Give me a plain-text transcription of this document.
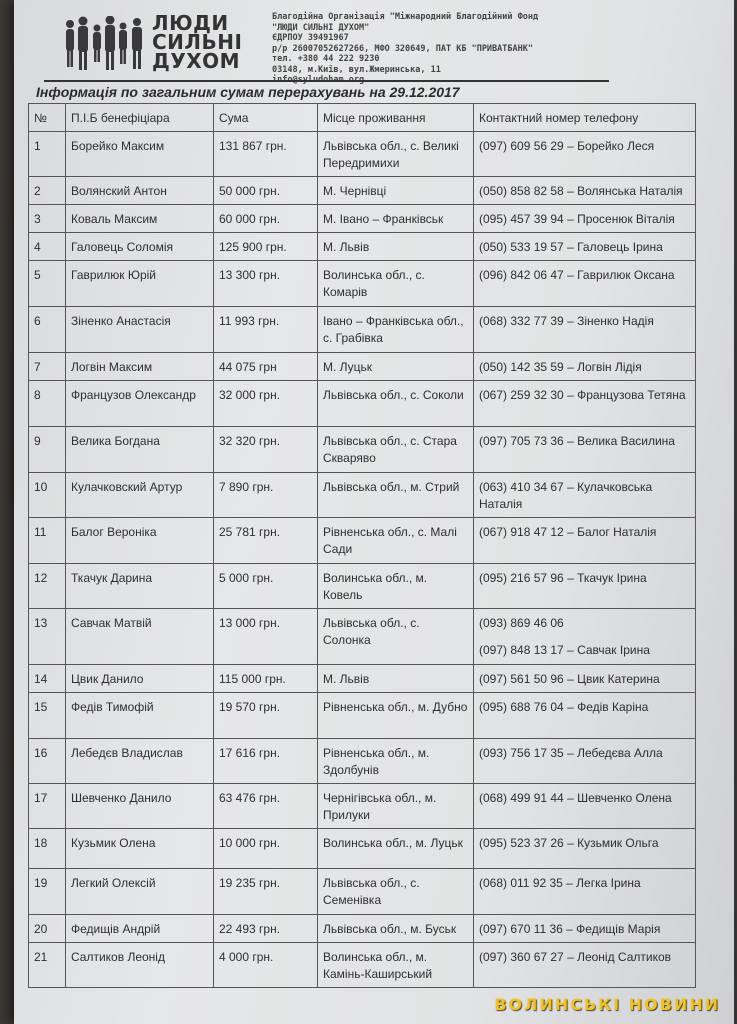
ЛЮДИ
СИЛЬНІ
ДУХОМ
Благодійна Організація "Міжнародний Благодійний Фонд
"ЛЮДИ СИЛЬНІ ДУХОМ"
ЄДРПОУ 39491967
р/р 26007052627266, МФО 320649, ПАТ КБ "ПРИВАТБАНК"
тел. +380 44 222 9230
03148, м.Київ, вул.Жмеринська, 11
Інформація по загальним сумам перерахувань на 29.12.2017
№	П.І.Б бенефіціара	Сума	Місце проживання	Контактний номер телефону
1	Борейко Максим	131 867 грн.	Львівська обл., с. Великі Передримихи	(097) 609 56 29 – Борейко Леся
2	Волянский Антон	50 000 грн.	М. Чернівці	(050) 858 82 58 – Волянська Наталія
3	Коваль Максим	60 000 грн.	М. Івано – Франківськ	(095) 457 39 94 – Просенюк Віталія
4	Галовець Соломія	125 900 грн.	М. Львів	(050) 533 19 57 – Галовець Ірина
5	Гаврилюк Юрій	13 300 грн.	Волинська обл., с. Комарів	(096) 842 06 47 – Гаврилюк Оксана
6	Зіненко Анастасія	11 993 грн.	Івано – Франківська обл., с. Грабівка	(068) 332 77 39 – Зіненко Надія
7	Логвін Максим	44 075 грн	М. Луцьк	(050) 142 35 59 – Логвін Лідія
8	Французов Олександр	32 000 грн.	Львівська обл., с. Соколи	(067) 259 32 30 – Французова Тетяна
9	Велика Богдана	32 320 грн.	Львівська обл., с. Стара Скваряво	(097) 705 73 36 – Велика Василина
10	Кулачковский Артур	7 890 грн.	Львівська обл., м. Стрий	(063) 410 34 67 – Кулачковська Наталія
11	Балог Вероніка	25 781 грн.	Рівненська обл., с. Малі Сади	(067) 918 47 12 – Балог Наталія
12	Ткачук Дарина	5 000 грн.	Волинська обл., м. Ковель	(095) 216 57 96 – Ткачук Ірина
13	Савчак Матвій	13 000 грн.	Львівська обл., с. Солонка	(093) 869 46 06
(097) 848 13 17 – Савчак Ірина

14	Цвик Данило	115 000 грн.	М. Львів	(097) 561 50 96 – Цвик Катерина
15	Федів Тимофій	19 570 грн.	Рівненська обл., м. Дубно	(095) 688 76 04 – Федів Каріна
16	Лебедєв Владислав	17 616 грн.	Рівненська обл., м. Здолбунів	(093) 756 17 35 – Лебедєва Алла
17	Шевченко Данило	63 476 грн.	Чернігівська обл., м. Прилуки	(068) 499 91 44 – Шевченко Олена
18	Кузьмик Олена	10 000 грн.	Волинська обл., м. Луцьк	(095) 523 37 26 – Кузьмик Ольга
19	Легкий Олексій	19 235 грн.	Львівська обл., с. Семенівка	(068) 011 92 35 – Легка Ірина
20	Федищів Андрій	22 493 грн.	Львівська обл., м. Буськ	(097) 670 11 36 – Федищів Марія
21	Салтиков Леонід	4 000 грн.	Волинська обл., м. Камінь-Каширський	(097) 360 67 27 – Леонід Салтиков
ВОЛИНСЬКІ НОВИНИ
